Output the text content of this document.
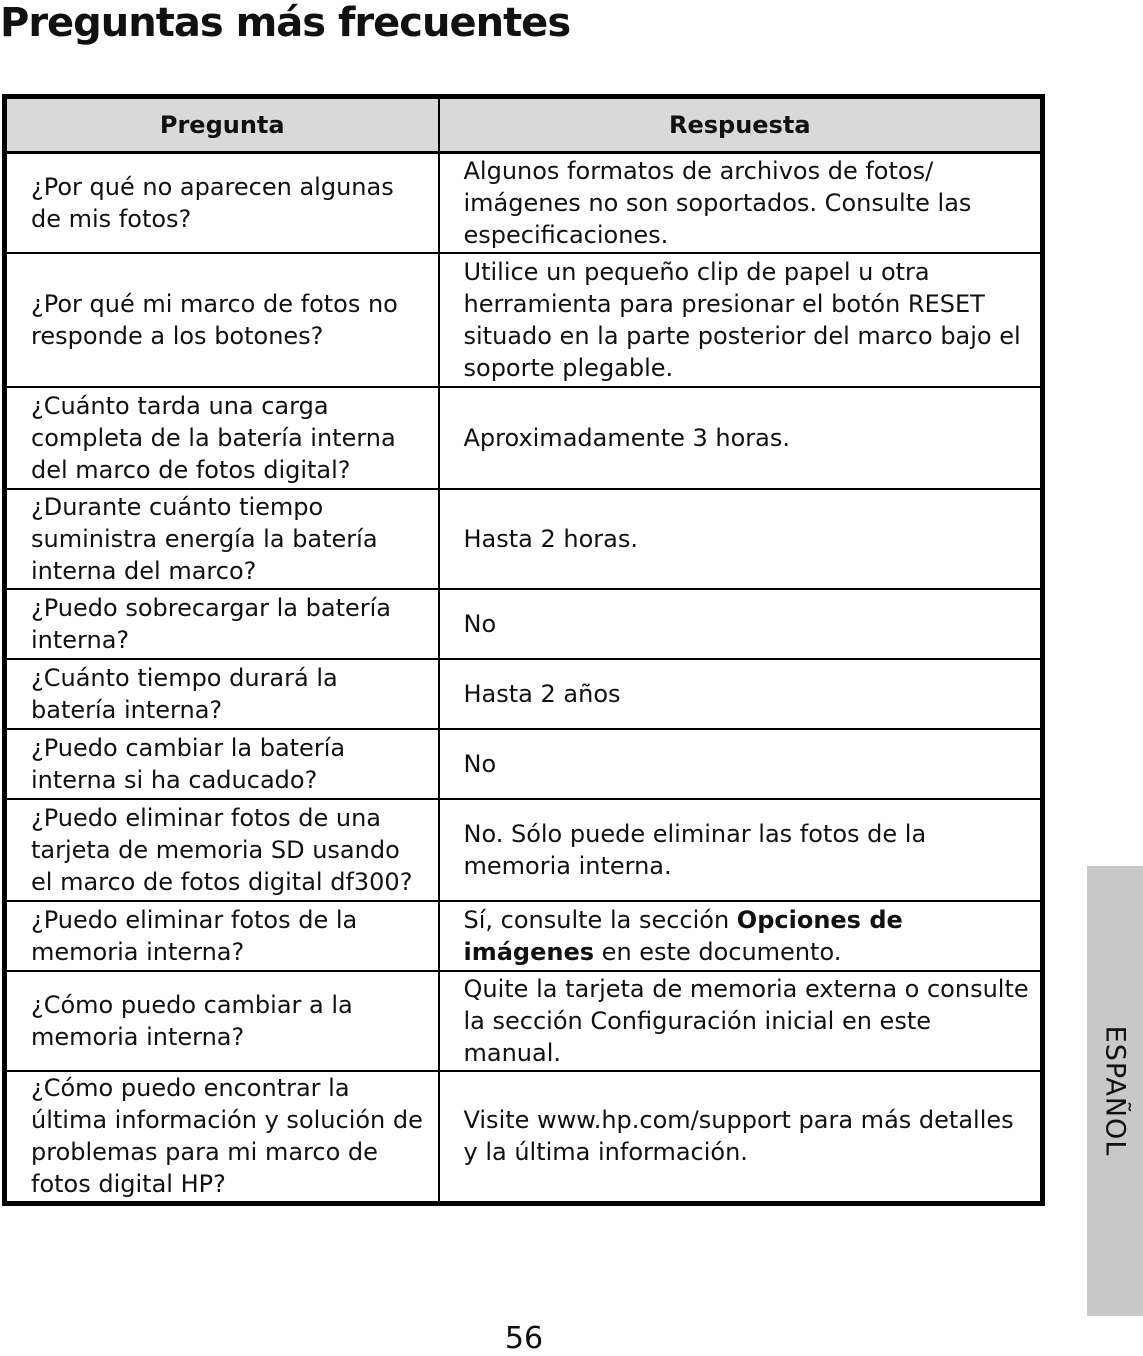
Preguntas más frecuentes
Pregunta	Respuesta
¿Por qué no aparecen algunas de mis fotos?	Algunos formatos de archivos de fotos/ imágenes no son soportados. Consulte las especificaciones.
¿Por qué mi marco de fotos no responde a los botones?	Utilice un pequeño clip de papel u otra herramienta para presionar el botón RESET situado en la parte posterior del marco bajo el soporte plegable.
¿Cuánto tarda una carga completa de la batería interna del marco de fotos digital?	Aproximadamente 3 horas.
¿Durante cuánto tiempo suministra energía la batería interna del marco?	Hasta 2 horas.
¿Puedo sobrecargar la batería interna?	No
¿Cuánto tiempo durará la batería interna?	Hasta 2 años
¿Puedo cambiar la batería interna si ha caducado?	No
¿Puedo eliminar fotos de una tarjeta de memoria SD usando el marco de fotos digital df300?	No. Sólo puede eliminar las fotos de la memoria interna.
¿Puedo eliminar fotos de la memoria interna?	Sí, consulte la sección Opciones de imágenes en este documento.
¿Cómo puedo cambiar a la memoria interna?	Quite la tarjeta de memoria externa o consulte la sección Configuración inicial en este manual.
¿Cómo puedo encontrar la última información y solución de problemas para mi marco de fotos digital HP?	Visite www.hp.com/support para más detalles y la última información.	ESPAÑOL
56
